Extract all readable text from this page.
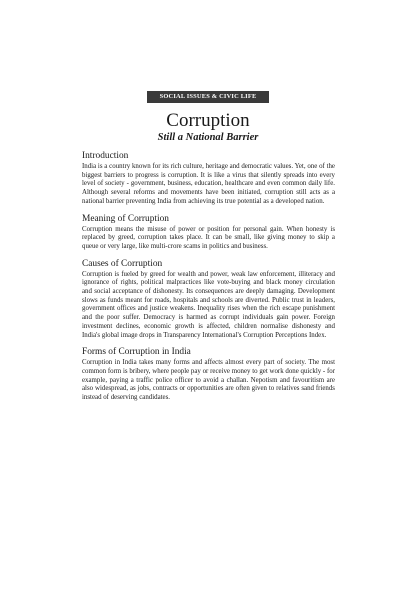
SOCIAL ISSUES & CIVIC LIFE
Corruption
Still a National Barrier
Introduction

India is a country known for its rich culture, heritage and democratic values. Yet, one of the biggest barriers to progress is corruption. It is like a virus that silently spreads into every level of society - government, business, education, healthcare and even common daily life. Although several reforms and movements have been initiated, corruption still acts as a national barrier preventing India from achieving its true potential as a developed nation.

Meaning of Corruption

Corruption means the misuse of power or position for personal gain. When honesty is replaced by greed, corruption takes place. It can be small, like giving money to skip a queue or very large, like multi-crore scams in politics and business.

Causes of Corruption

Corruption is fueled by greed for wealth and power, weak law enforcement, illiteracy and ignorance of rights, political malpractices like vote-buying and black money circulation and social acceptance of dishonesty. Its consequences are deeply damaging. Development slows as funds meant for roads, hospitals and schools are diverted. Public trust in leaders, government offices and justice weakens. Inequality rises when the rich escape punishment and the poor suffer. Democracy is harmed as corrupt individuals gain power. Foreign investment declines, economic growth is affected, children normalise dishonesty and India's global image drops in Transparency International's Corruption Perceptions Index.

Forms of Corruption in India

Corruption in India takes many forms and affects almost every part of society. The most common form is bribery, where people pay or receive money to get work done quickly - for example, paying a traffic police officer to avoid a challan. Nepotism and favouritism are also widespread, as jobs, contracts or opportunities are often given to relatives sand friends instead of deserving candidates.
